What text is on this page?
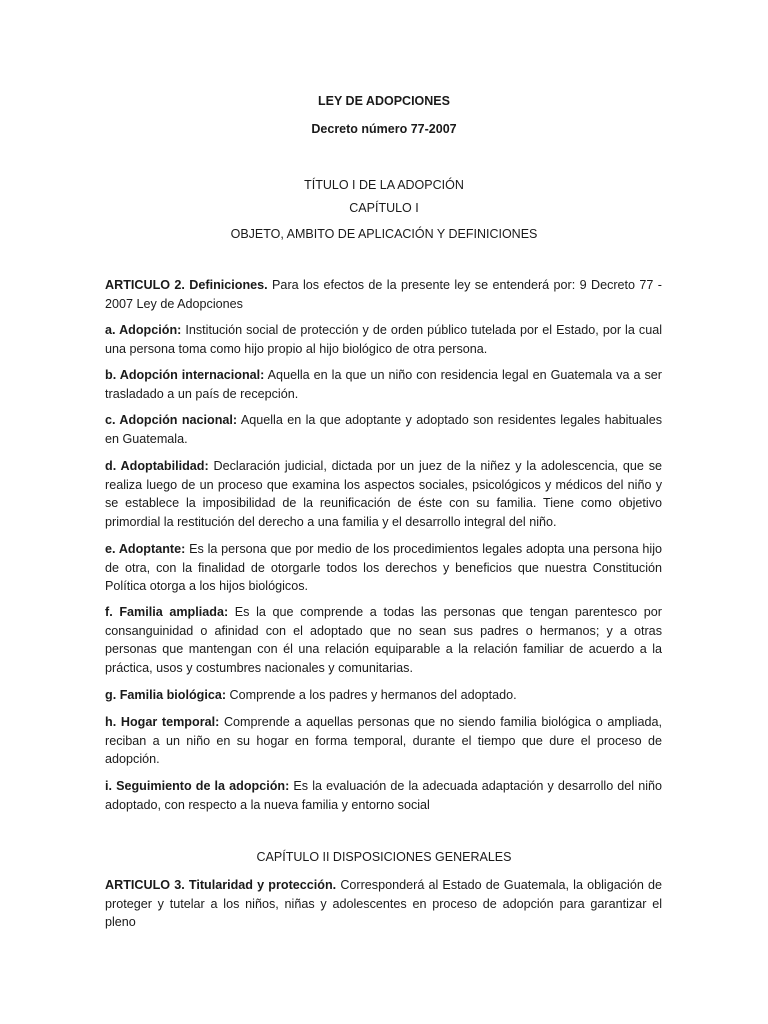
LEY DE ADOPCIONES
Decreto número 77-2007
TÍTULO I DE LA ADOPCIÓN
CAPÍTULO I
OBJETO, AMBITO DE APLICACIÓN Y DEFINICIONES

ARTICULO 2. Definiciones. Para los efectos de la presente ley se entenderá por: 9 Decreto 77 - 2007 Ley de Adopciones

a. Adopción: Institución social de protección y de orden público tutelada por el Estado, por la cual una persona toma como hijo propio al hijo biológico de otra persona.

b. Adopción internacional: Aquella en la que un niño con residencia legal en Guatemala va a ser trasladado a un país de recepción.

c. Adopción nacional: Aquella en la que adoptante y adoptado son residentes legales habituales en Guatemala.

d. Adoptabilidad: Declaración judicial, dictada por un juez de la niñez y la adolescencia, que se realiza luego de un proceso que examina los aspectos sociales, psicológicos y médicos del niño y se establece la imposibilidad de la reunificación de éste con su familia. Tiene como objetivo primordial la restitución del derecho a una familia y el desarrollo integral del niño.

e. Adoptante: Es la persona que por medio de los procedimientos legales adopta una persona hijo de otra, con la finalidad de otorgarle todos los derechos y beneficios que nuestra Constitución Política otorga a los hijos biológicos.

f. Familia ampliada: Es la que comprende a todas las personas que tengan parentesco por consanguinidad o afinidad con el adoptado que no sean sus padres o hermanos; y a otras personas que mantengan con él una relación equiparable a la relación familiar de acuerdo a la práctica, usos y costumbres nacionales y comunitarias.

g. Familia biológica: Comprende a los padres y hermanos del adoptado.

h. Hogar temporal: Comprende a aquellas personas que no siendo familia biológica o ampliada, reciban a un niño en su hogar en forma temporal, durante el tiempo que dure el proceso de adopción.

i. Seguimiento de la adopción: Es la evaluación de la adecuada adaptación y desarrollo del niño adoptado, con respecto a la nueva familia y entorno social

CAPÍTULO II DISPOSICIONES GENERALES

ARTICULO 3. Titularidad y protección. Corresponderá al Estado de Guatemala, la obligación de proteger y tutelar a los niños, niñas y adolescentes en proceso de adopción para garantizar el pleno
